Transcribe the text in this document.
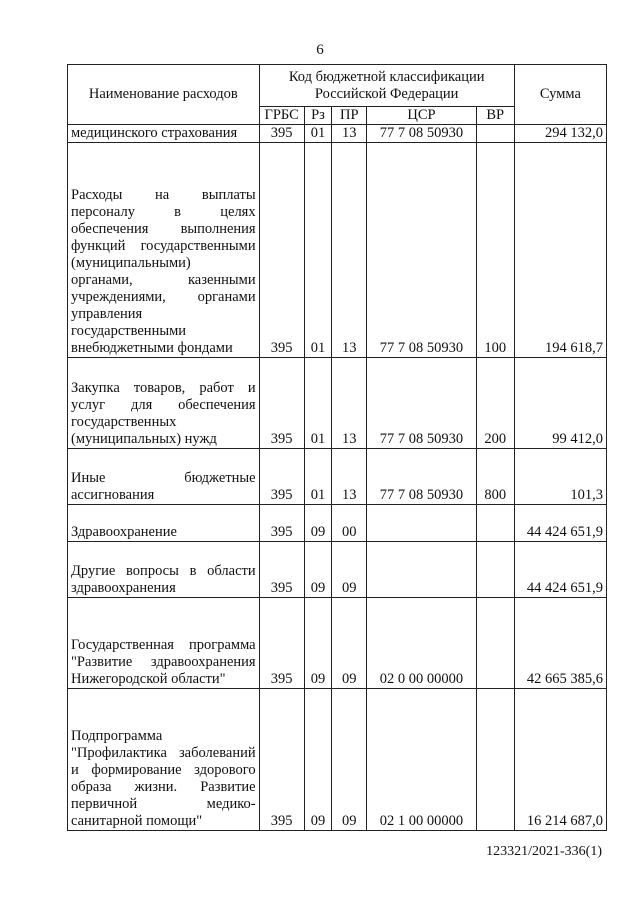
6
Наименование расходов	Код бюджетной классификации Российской Федерации					Сумма
	ГРБС	Рз	ПР	ЦСР	ВР	
медицинского страхования	395	01	13	77 7 08 50930		294 132,0
Расходы на выплаты персоналу в целях обеспечения выполнения функций государственными (муниципальными) органами, казенными учреждениями, органами управления государственными внебюджетными фондами	395	01	13	77 7 08 50930	100	194 618,7
Закупка товаров, работ и услуг для обеспечения государственных (муниципальных) нужд	395	01	13	77 7 08 50930	200	99 412,0
Иные бюджетные ассигнования	395	01	13	77 7 08 50930	800	101,3
Здравоохранение	395	09	00			44 424 651,9
Другие вопросы в области здравоохранения	395	09	09			44 424 651,9
Государственная программа "Развитие здравоохранения Нижегородской области"	395	09	09	02 0 00 00000		42 665 385,6
Подпрограмма "Профилактика заболеваний и формирование здорового образа жизни. Развитие первичной медико-санитарной помощи"	395	09	09	02 1 00 00000		16 214 687,0
123321/2021-336(1)
